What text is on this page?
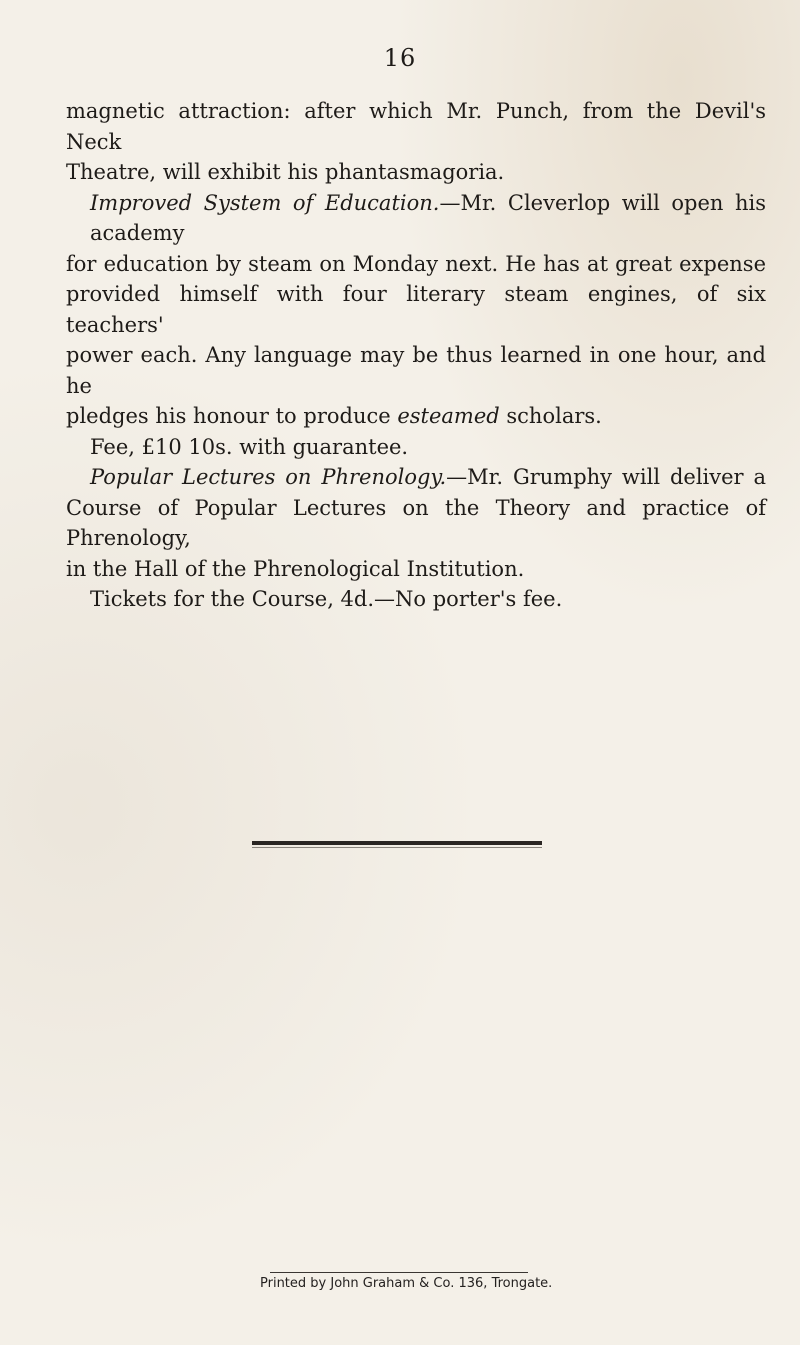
16
magnetic attraction: after which Mr. Punch, from the Devil's Neck
Theatre, will exhibit his phantasmagoria.
Improved System of Education.—Mr. Cleverlop will open his academy
for education by steam on Monday next. He has at great expense
provided himself with four literary steam engines, of six teachers'
power each. Any language may be thus learned in one hour, and he
pledges his honour to produce esteamed scholars.
Fee, £10 10s. with guarantee.
Popular Lectures on Phrenology.—Mr. Grumphy will deliver a
Course of Popular Lectures on the Theory and practice of Phrenology,
in the Hall of the Phrenological Institution.
Tickets for the Course, 4d.—No porter's fee.
Printed by John Graham & Co. 136, Trongate.
